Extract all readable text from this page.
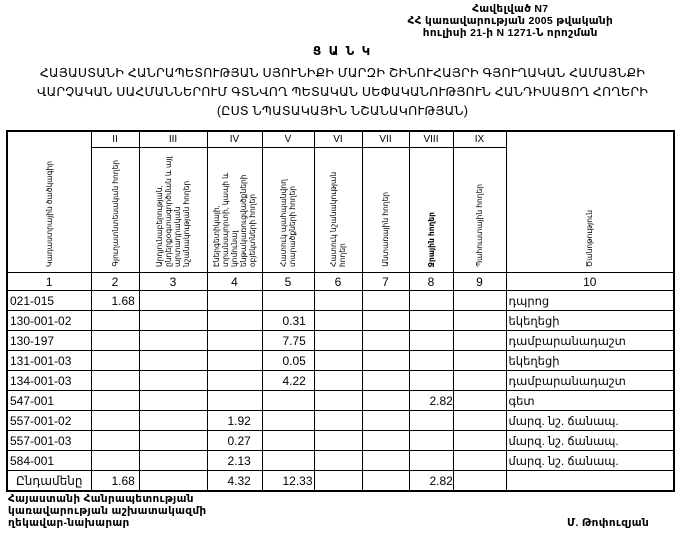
Հավելված N7
ՀՀ կառավարության 2005 թվականի
հուլիսի 21-ի N 1271-Ն որոշման
Ց Ա Ն Կ
ՀԱՅԱՍՏԱՆԻ ՀԱՆՐԱՊԵՏՈՒԹՅԱՆ ՍՅՈՒՆԻՔԻ ՄԱՐԶԻ ՇԻՆՈՒՀԱՅՐԻ ԳՅՈՒՂԱԿԱՆ ՀԱՄԱՅՆՔԻ
ՎԱՐՉԱԿԱՆ ՍԱՀՄԱՆՆԵՐՈՒՄ ԳՏՆՎՈՂ ՊԵՏԱԿԱՆ ՍԵՓԱԿԱՆՈՒԹՅՈՒՆ ՀԱՆԴԻՍԱՑՈՂ ՀՈՂԵՐԻ
(ԸՍՏ ՆՊԱՏԱԿԱՅԻՆ ՆՇԱՆԱԿՈՒԹՅԱՆ)
Կադաստրային ծածկագիր	II	III	IV	V	VI	VII	VIII	IX	Ծանոթություն
	Գյուղատնտեսական հողեր	Արդյունաբերության, ընդերքօգտագործման և այլ արտադրական նշանակության հողեր	Էներգետիկայի, տրանսպորտի, կապի և կոմունալ ենթակառուցվածքների օբյեկտների հողեր	Հատուկ պահպանվող տարածքների հողեր	Հատուկ նշանակության հողեր	Անտառային հողեր	Ջրային հողեր	Պահուստային հողեր	
1	2	3	4	5	6	7	8	9	10
021-015	1.68								դպրոց
130-001-02				0.31					եկեղեցի
130-197				7.75					դամբարանադաշտ
131-001-03				0.05					եկեղեցի
134-001-03				4.22					դամբարանադաշտ
547-001							2.82		գետ
557-001-02			1.92						մարզ. նշ. ճանապ.
557-001-03			0.27						մարզ. նշ. ճանապ.
584-001			2.13						մարզ. նշ. ճանապ.
Ընդամենը	1.68		4.32	12.33			2.82		
Հայաստանի Հանրապետության
կառավարության աշխատակազմի
ղեկավար-նախարար	Մ. Թոփուզյան
